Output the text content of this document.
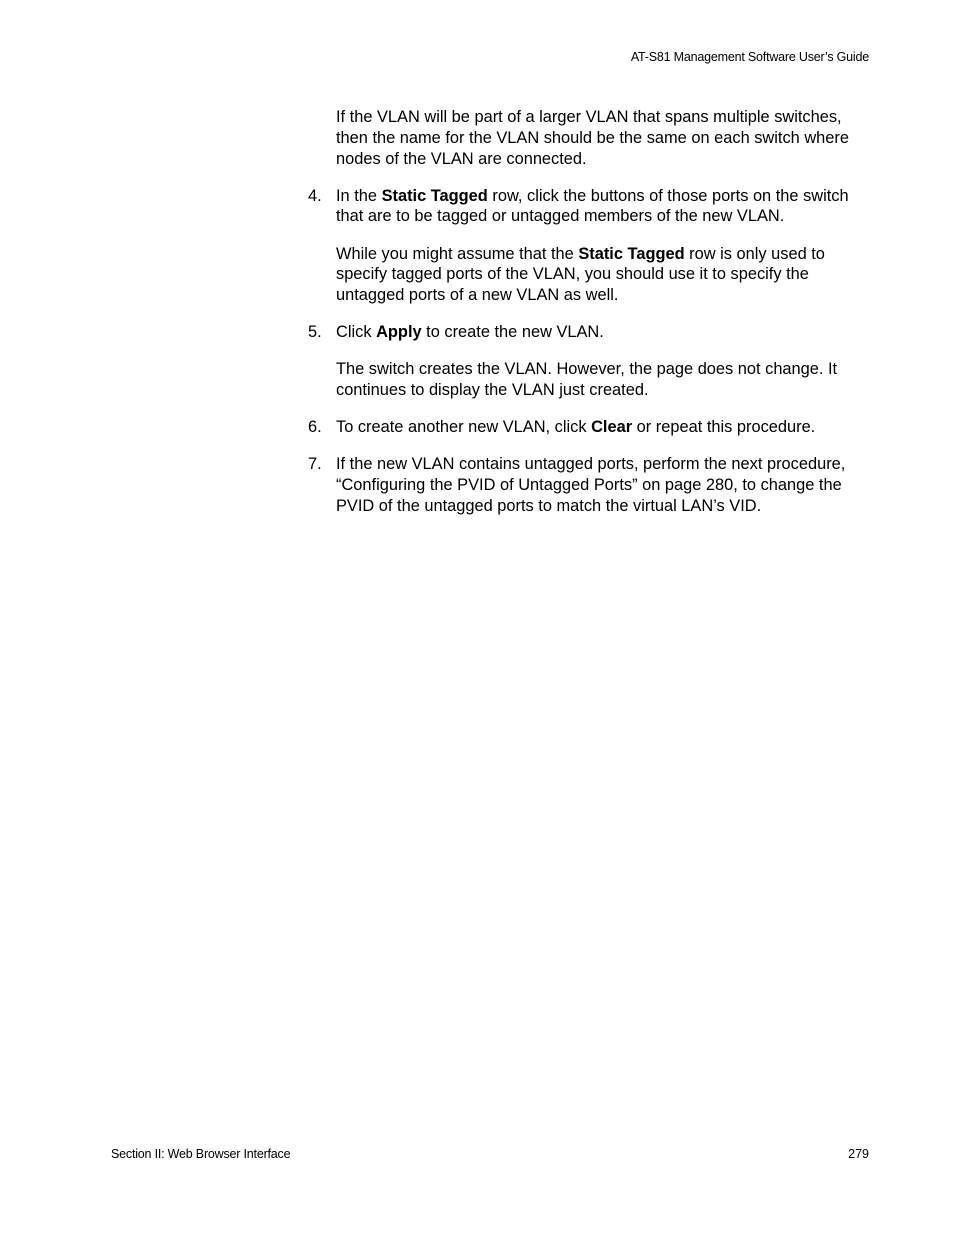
AT-S81 Management Software User’s Guide

If the VLAN will be part of a larger VLAN that spans multiple switches, then the name for the VLAN should be the same on each switch where nodes of the VLAN are connected.

4. In the Static Tagged row, click the buttons of those ports on the switch that are to be tagged or untagged members of the new VLAN.

While you might assume that the Static Tagged row is only used to specify tagged ports of the VLAN, you should use it to specify the untagged ports of a new VLAN as well.

5. Click Apply to create the new VLAN.

The switch creates the VLAN. However, the page does not change. It continues to display the VLAN just created.

6. To create another new VLAN, click Clear or repeat this procedure.
7. If the new VLAN contains untagged ports, perform the next procedure, “Configuring the PVID of Untagged Ports” on page 280, to change the PVID of the untagged ports to match the virtual LAN’s VID.
Section II: Web Browser Interface	279
